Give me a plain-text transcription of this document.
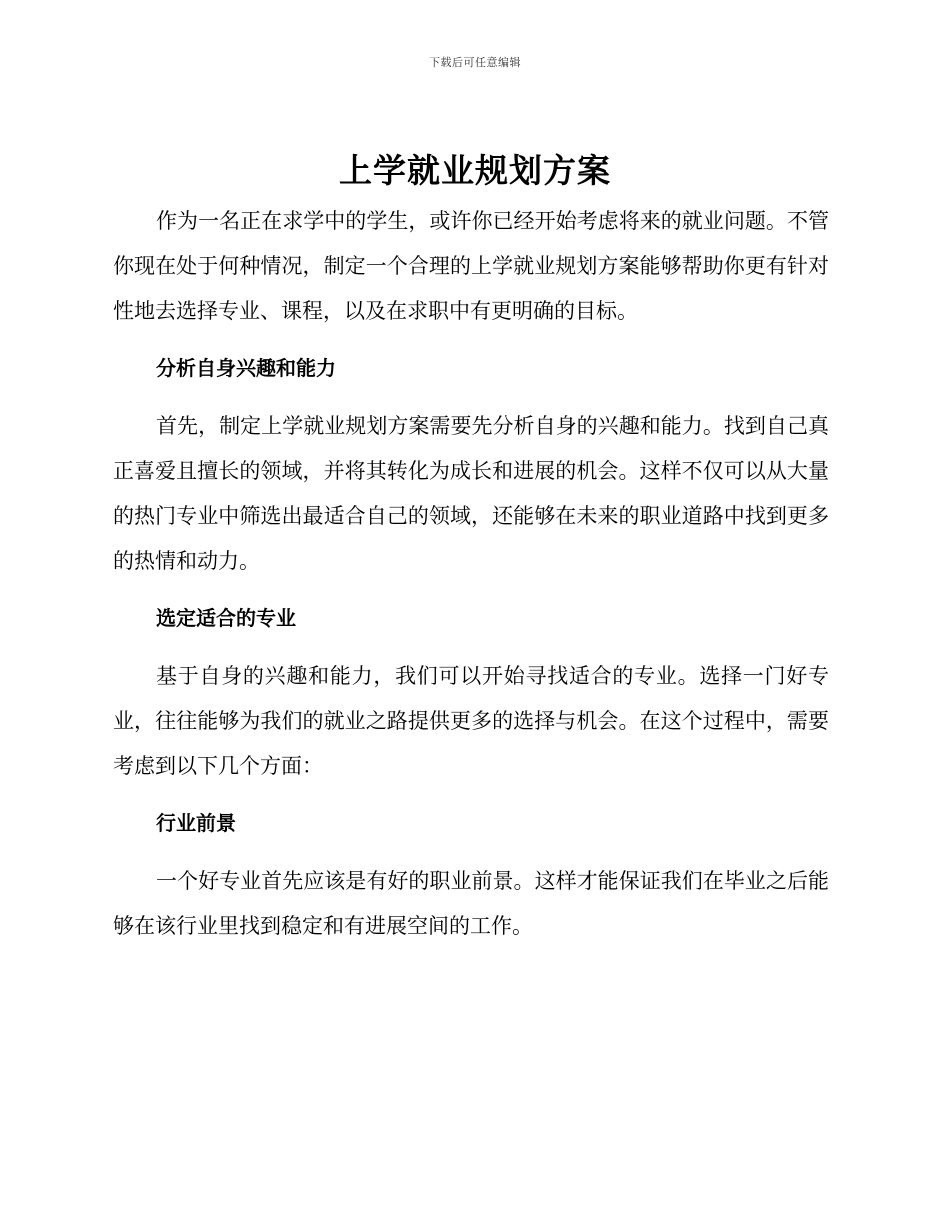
下载后可任意编辑
上学就业规划方案

作为一名正在求学中的学生，或许你已经开始考虑将来的就业问题。不管你现在处于何种情况，制定一个合理的上学就业规划方案能够帮助你更有针对性地去选择专业、课程，以及在求职中有更明确的目标。

分析自身兴趣和能力

首先，制定上学就业规划方案需要先分析自身的兴趣和能力。找到自己真正喜爱且擅长的领域，并将其转化为成长和进展的机会。这样不仅可以从大量的热门专业中筛选出最适合自己的领域，还能够在未来的职业道路中找到更多的热情和动力。

选定适合的专业

基于自身的兴趣和能力，我们可以开始寻找适合的专业。选择一门好专业，往往能够为我们的就业之路提供更多的选择与机会。在这个过程中，需要考虑到以下几个方面：

行业前景

一个好专业首先应该是有好的职业前景。这样才能保证我们在毕业之后能够在该行业里找到稳定和有进展空间的工作。
